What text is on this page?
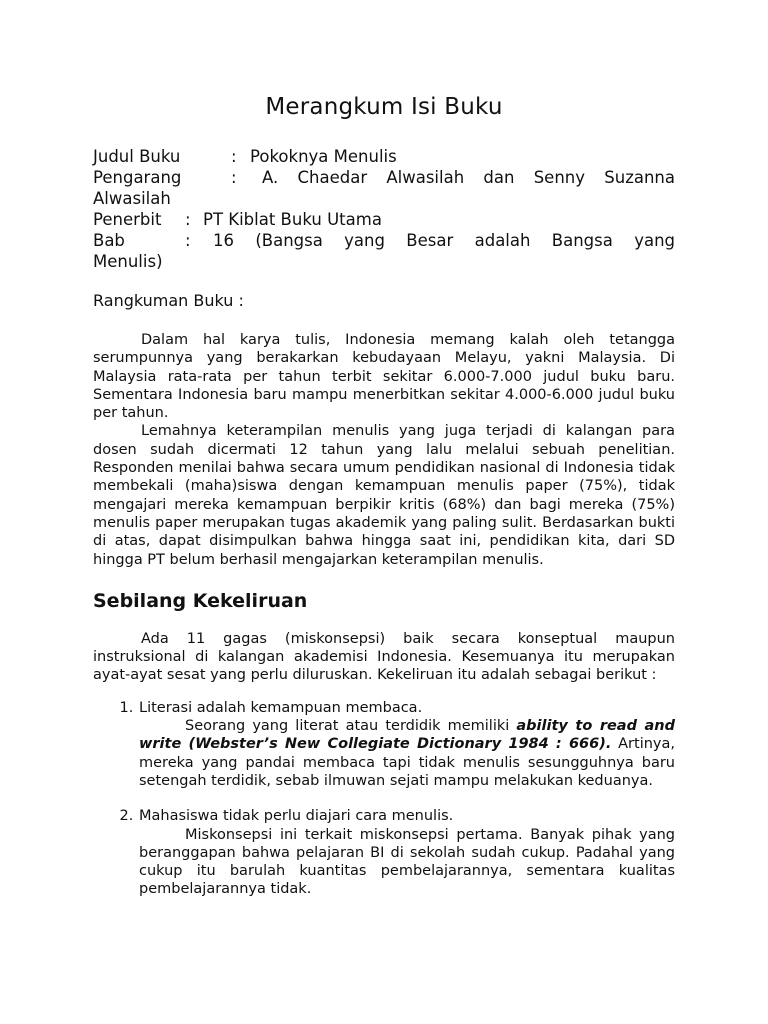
Merangkum Isi Buku
Judul Buku	: Pokoknya Menulis
Pengarang	: A. Chaedar Alwasilah dan Senny Suzanna
Alwasilah
Penerbit : PT Kiblat Buku Utama
Bab	: 16 (Bangsa yang Besar adalah Bangsa yang
Menulis)
Rangkuman Buku :

Dalam hal karya tulis, Indonesia memang kalah oleh tetangga serumpunnya yang berakarkan kebudayaan Melayu, yakni Malaysia. Di Malaysia rata-rata per tahun terbit sekitar 6.000-7.000 judul buku baru. Sementara Indonesia baru mampu menerbitkan sekitar 4.000-6.000 judul buku per tahun.

Lemahnya keterampilan menulis yang juga terjadi di kalangan para dosen sudah dicermati 12 tahun yang lalu melalui sebuah penelitian. Responden menilai bahwa secara umum pendidikan nasional di Indonesia tidak membekali (maha)siswa dengan kemampuan menulis paper (75%), tidak mengajari mereka kemampuan berpikir kritis (68%) dan bagi mereka (75%) menulis paper merupakan tugas akademik yang paling sulit. Berdasarkan bukti di atas, dapat disimpulkan bahwa hingga saat ini, pendidikan kita, dari SD hingga PT belum berhasil mengajarkan keterampilan menulis.

Sebilang Kekeliruan

Ada 11 gagas (miskonsepsi) baik secara konseptual maupun instruksional di kalangan akademisi Indonesia. Kesemuanya itu merupakan ayat-ayat sesat yang perlu diluruskan. Kekeliruan itu adalah sebagai berikut :

1. Literasi adalah kemampuan membaca.
Seorang yang literat atau terdidik memiliki ability to read and write (Webster’s New Collegiate Dictionary 1984 : 666). Artinya, mereka yang pandai membaca tapi tidak menulis sesungguhnya baru setengah terdidik, sebab ilmuwan sejati mampu melakukan keduanya.
2. Mahasiswa tidak perlu diajari cara menulis.
Miskonsepsi ini terkait miskonsepsi pertama. Banyak pihak yang beranggapan bahwa pelajaran BI di sekolah sudah cukup. Padahal yang cukup itu barulah kuantitas pembelajarannya, sementara kualitas pembelajarannya tidak.
